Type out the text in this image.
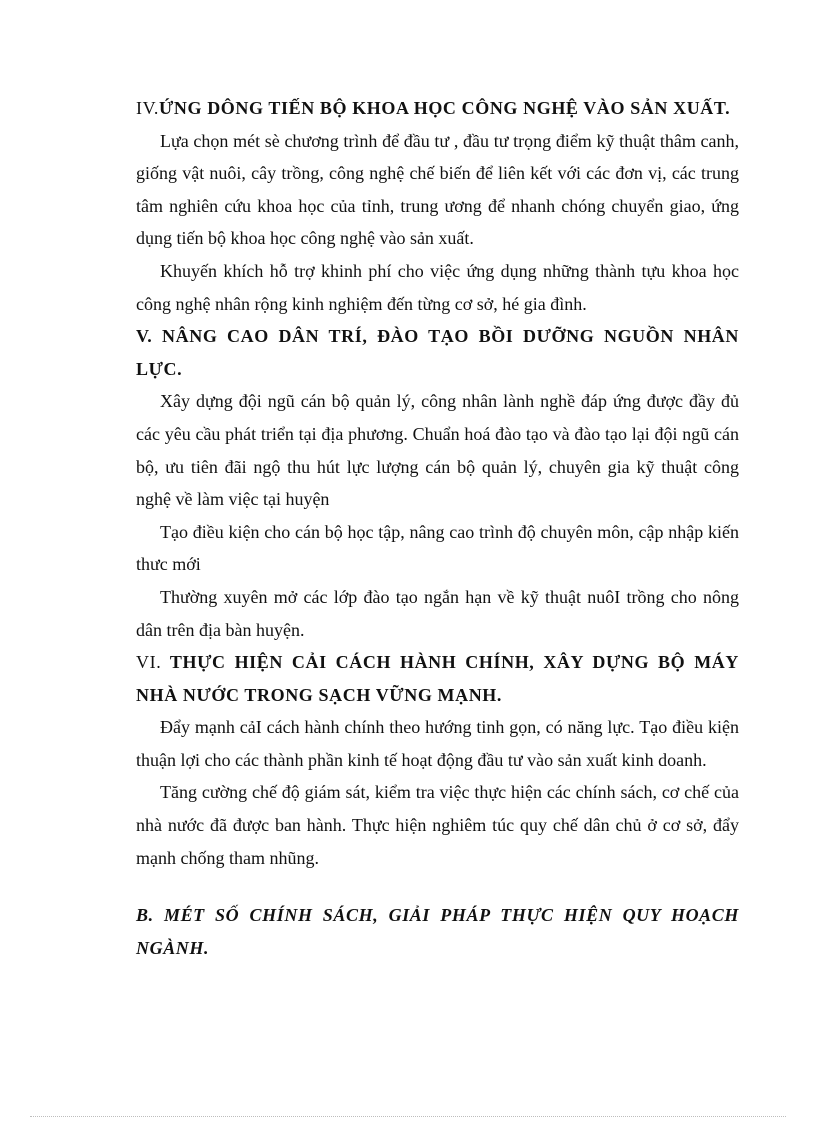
IV.ỨNG DÔNG TIẾN BỘ KHOA HỌC CÔNG NGHỆ VÀO SẢN XUẤT.

Lựa chọn mét sè chương trình để đầu tư , đầu tư trọng điểm kỹ thuật thâm canh, giống vật nuôi, cây trồng, công nghệ chế biến để liên kết với các đơn vị, các trung tâm nghiên cứu khoa học của tỉnh, trung ương để nhanh chóng chuyển giao, ứng dụng tiến bộ khoa học công nghệ vào sản xuất.

Khuyến khích hỗ trợ khinh phí cho việc ứng dụng những thành tựu khoa học công nghệ nhân rộng kinh nghiệm đến từng cơ sở, hé gia đình.

V. NÂNG CAO DÂN TRÍ, ĐÀO TẠO BỒI DƯỠNG NGUỒN NHÂN LỰC.

Xây dựng đội ngũ cán bộ quản lý, công nhân lành nghề đáp ứng được đầy đủ các yêu cầu phát triển tại địa phương. Chuẩn hoá đào tạo và đào tạo lại đội ngũ cán bộ, ưu tiên đãi ngộ thu hút lực lượng cán bộ quản lý, chuyên gia kỹ thuật công nghệ về làm việc tại huyện

Tạo điều kiện cho cán bộ học tập, nâng cao trình độ chuyên môn, cập nhập kiến thưc mới

Thường xuyên mở các lớp đào tạo ngắn hạn về kỹ thuật nuôI trồng cho nông dân trên địa bàn huyện.

VI. THỰC HIỆN CẢI CÁCH HÀNH CHÍNH, XÂY DỰNG BỘ MÁY NHÀ NƯỚC TRONG SẠCH VỮNG MẠNH.

Đẩy mạnh cảI cách hành chính theo hướng tinh gọn, có năng lực. Tạo điều kiện thuận lợi cho các thành phần kinh tế hoạt động đầu tư vào sản xuất kinh doanh.

Tăng cường chế độ giám sát, kiểm tra việc thực hiện các chính sách, cơ chế của nhà nước đã được ban hành. Thực hiện nghiêm túc quy chế dân chủ ở cơ sở, đẩy mạnh chống tham nhũng.

B. MÉT SỐ CHÍNH SÁCH, GIẢI PHÁP THỰC HIỆN QUY HOẠCH NGÀNH.
